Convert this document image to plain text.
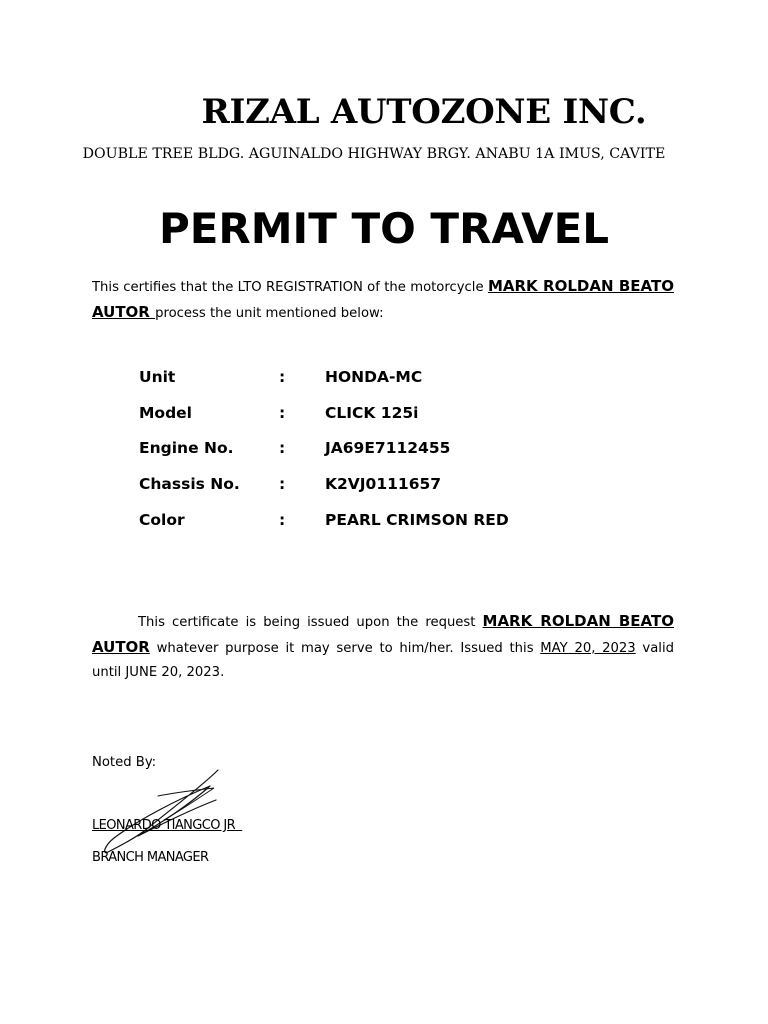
RIZAL AUTOZONE INC.
DOUBLE TREE BLDG. AGUINALDO HIGHWAY BRGY. ANABU 1A IMUS, CAVITE
PERMIT TO TRAVEL
This certifies that the LTO REGISTRATION of the motorcycle MARK ROLDAN BEATO AUTOR process the unit mentioned below:
Unit	:	HONDA-MC
Model	:	CLICK 125i
Engine No.	:	JA69E7112455
Chassis No.	:	K2VJ0111657
Color	:	PEARL CRIMSON RED
This certificate is being issued upon the request MARK ROLDAN BEATO AUTOR whatever purpose it may serve to him/her. Issued this MAY 20, 2023 valid until JUNE 20, 2023.
Noted By:
LEONARDO TIANGCO JR
BRANCH MANAGER
